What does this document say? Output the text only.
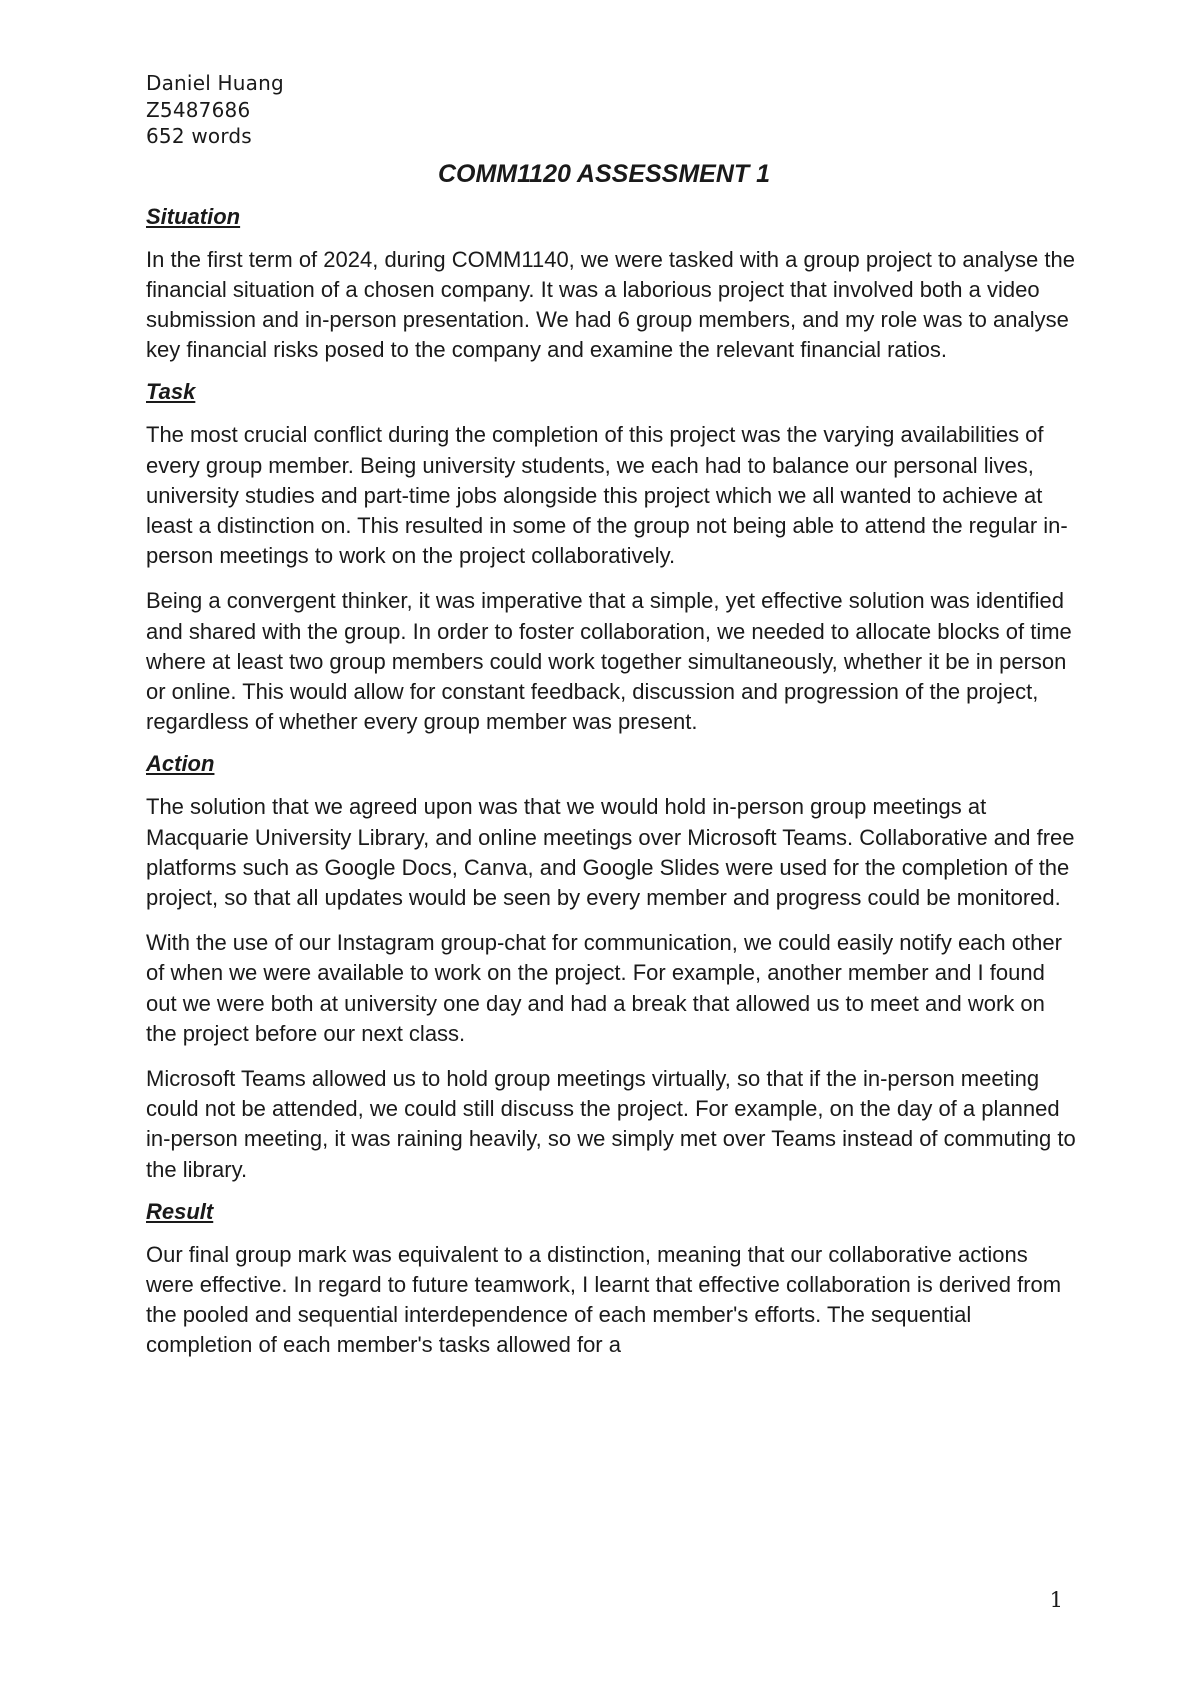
Daniel Huang

Z5487686

652 words

COMM1120 ASSESSMENT 1
Situation

In the first term of 2024, during COMM1140, we were tasked with a group project to analyse the financial situation of a chosen company. It was a laborious project that involved both a video submission and in-person presentation. We had 6 group members, and my role was to analyse key financial risks posed to the company and examine the relevant financial ratios.

Task

The most crucial conflict during the completion of this project was the varying availabilities of every group member. Being university students, we each had to balance our personal lives, university studies and part-time jobs alongside this project which we all wanted to achieve at least a distinction on. This resulted in some of the group not being able to attend the regular in-person meetings to work on the project collaboratively.

Being a convergent thinker, it was imperative that a simple, yet effective solution was identified and shared with the group. In order to foster collaboration, we needed to allocate blocks of time where at least two group members could work together simultaneously, whether it be in person or online. This would allow for constant feedback, discussion and progression of the project, regardless of whether every group member was present.

Action

The solution that we agreed upon was that we would hold in-person group meetings at Macquarie University Library, and online meetings over Microsoft Teams. Collaborative and free platforms such as Google Docs, Canva, and Google Slides were used for the completion of the project, so that all updates would be seen by every member and progress could be monitored.

With the use of our Instagram group-chat for communication, we could easily notify each other of when we were available to work on the project. For example, another member and I found out we were both at university one day and had a break that allowed us to meet and work on the project before our next class.

Microsoft Teams allowed us to hold group meetings virtually, so that if the in-person meeting could not be attended, we could still discuss the project. For example, on the day of a planned in-person meeting, it was raining heavily, so we simply met over Teams instead of commuting to the library.

Result

Our final group mark was equivalent to a distinction, meaning that our collaborative actions were effective. In regard to future teamwork, I learnt that effective collaboration is derived from the pooled and sequential interdependence of each member's efforts. The sequential completion of each member's tasks allowed for a

1
